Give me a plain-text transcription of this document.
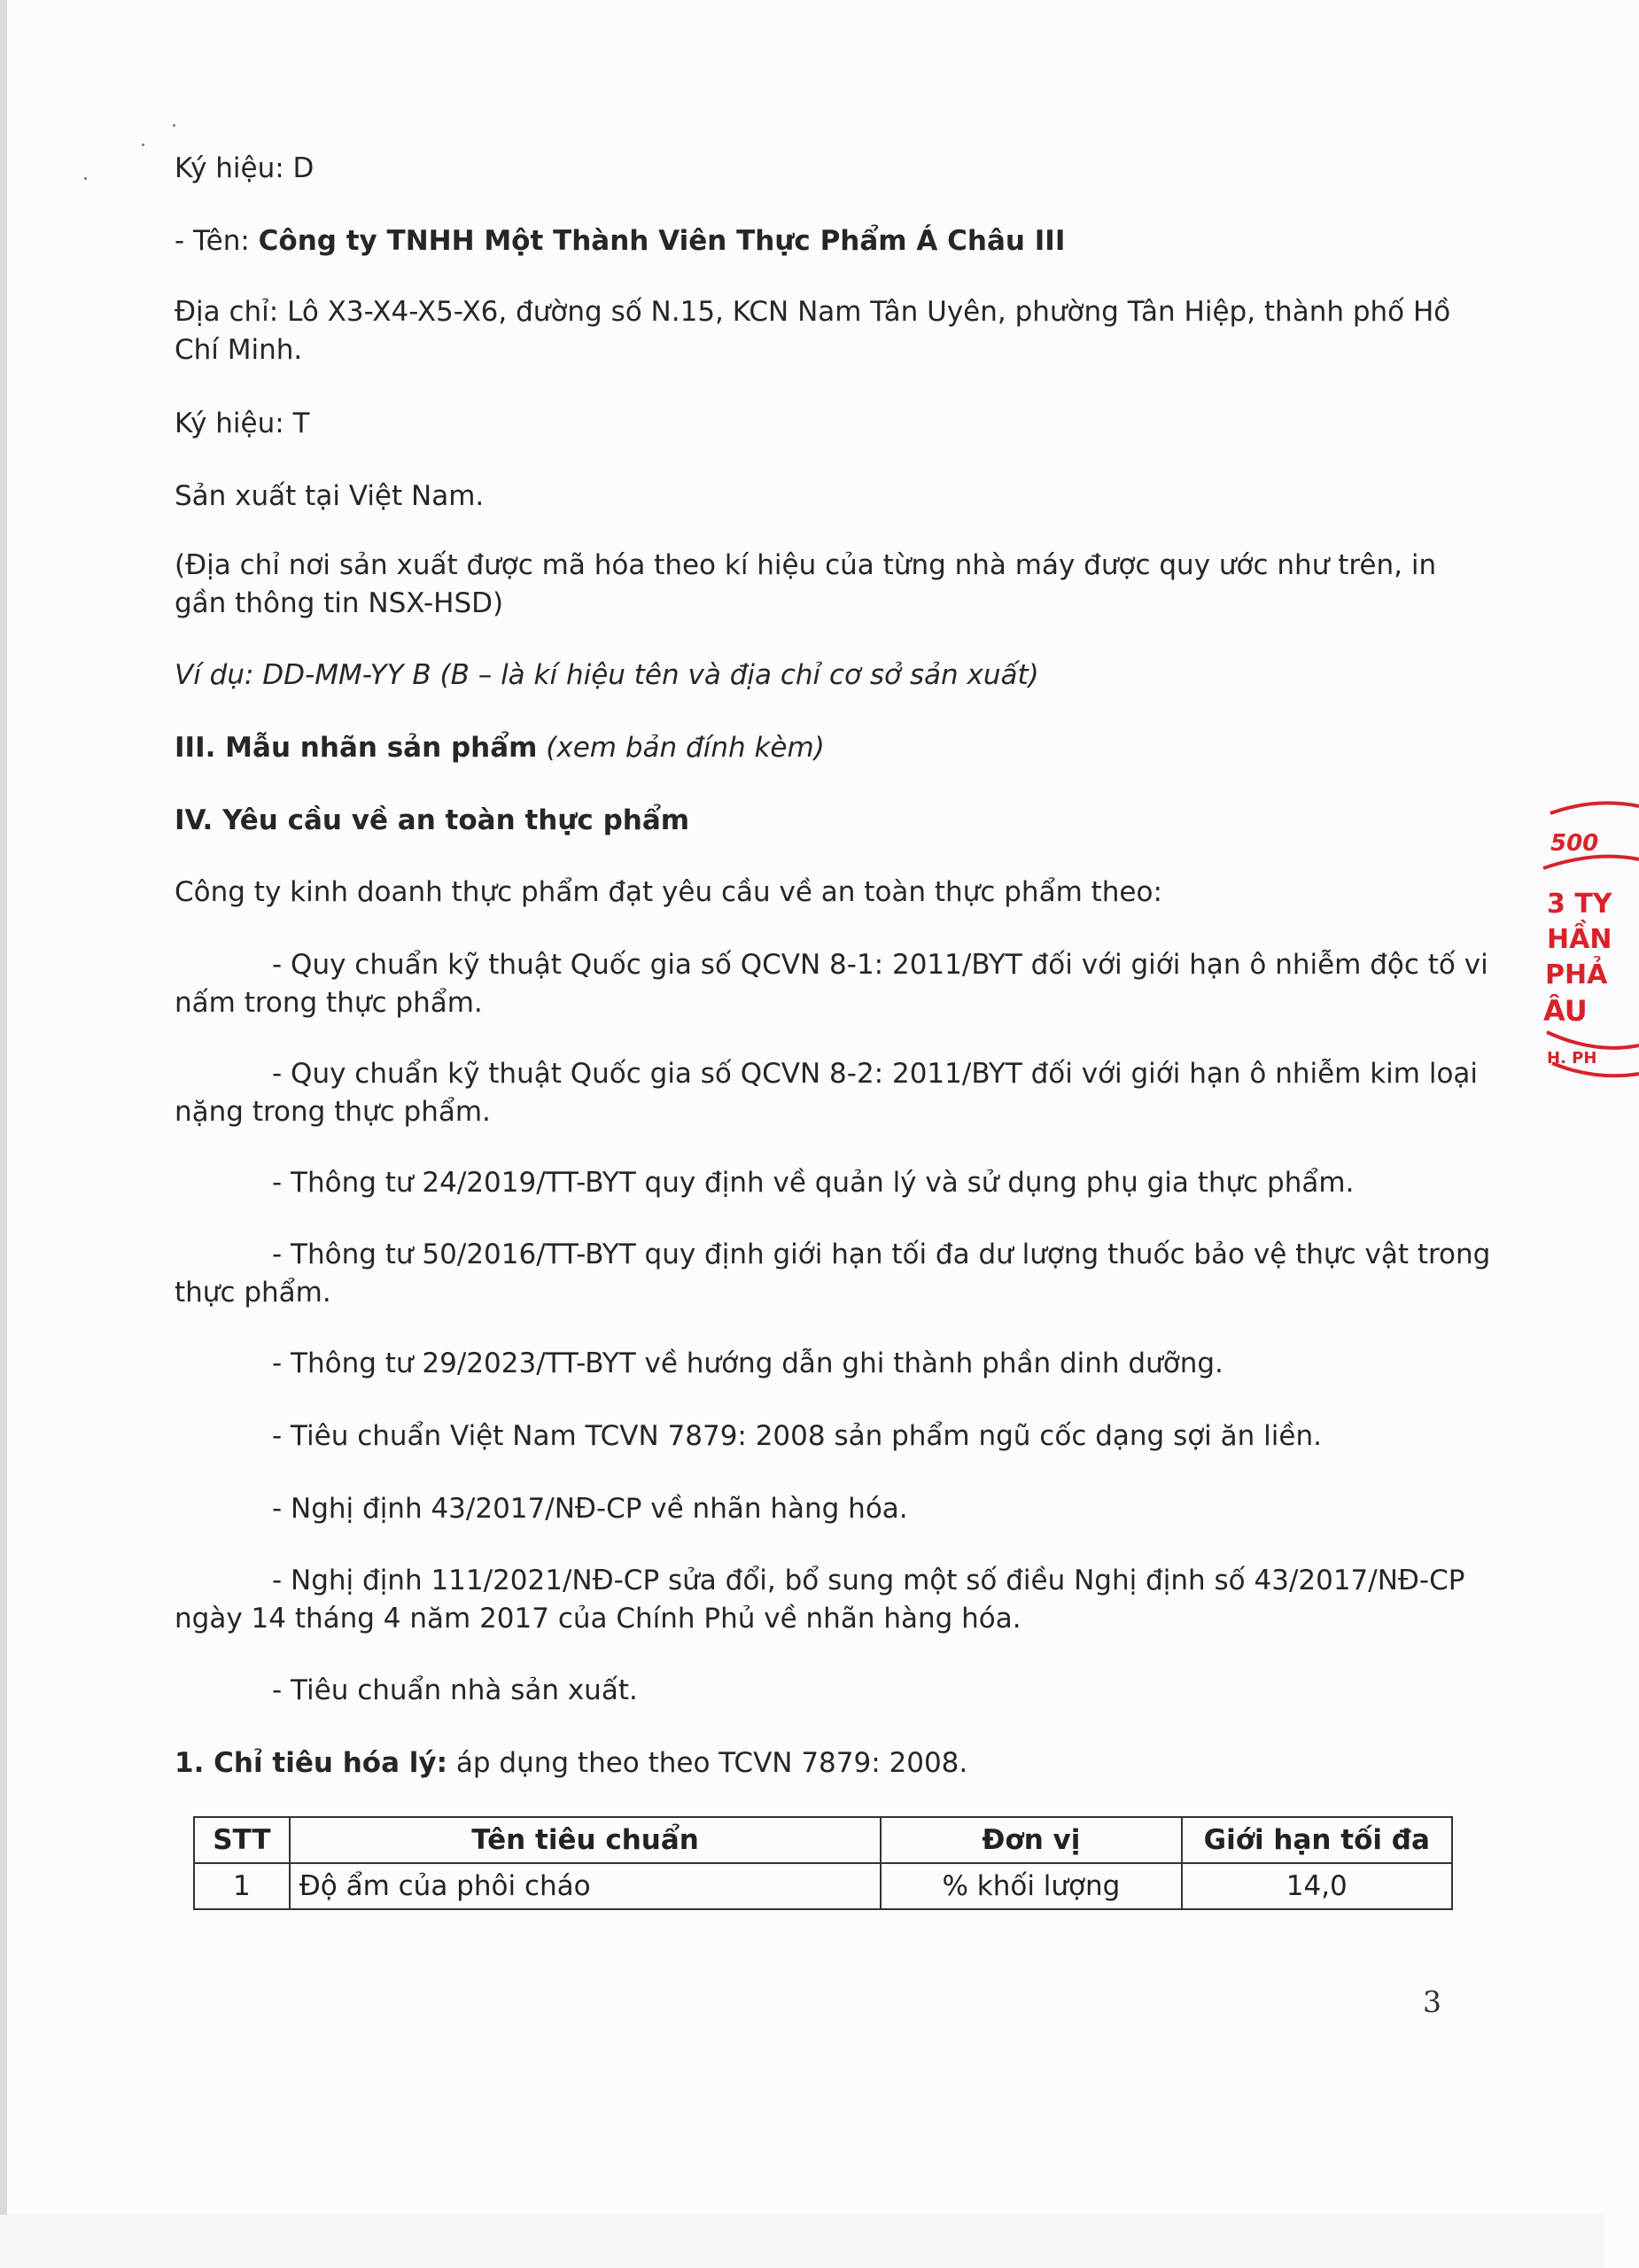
Ký hiệu: D
- Tên: Công ty TNHH Một Thành Viên Thực Phẩm Á Châu III
Địa chỉ: Lô X3-X4-X5-X6, đường số N.15, KCN Nam Tân Uyên, phường Tân Hiệp, thành phố Hồ
Chí Minh.
Ký hiệu: T
Sản xuất tại Việt Nam.
(Địa chỉ nơi sản xuất được mã hóa theo kí hiệu của từng nhà máy được quy ước như trên, in
gần thông tin NSX-HSD)
Ví dụ: DD-MM-YY B (B – là kí hiệu tên và địa chỉ cơ sở sản xuất)
III. Mẫu nhãn sản phẩm (xem bản đính kèm)
IV. Yêu cầu về an toàn thực phẩm
Công ty kinh doanh thực phẩm đạt yêu cầu về an toàn thực phẩm theo:
- Quy chuẩn kỹ thuật Quốc gia số QCVN 8-1: 2011/BYT đối với giới hạn ô nhiễm độc tố vi
nấm trong thực phẩm.
- Quy chuẩn kỹ thuật Quốc gia số QCVN 8-2: 2011/BYT đối với giới hạn ô nhiễm kim loại
nặng trong thực phẩm.
- Thông tư 24/2019/TT-BYT quy định về quản lý và sử dụng phụ gia thực phẩm.
- Thông tư 50/2016/TT-BYT quy định giới hạn tối đa dư lượng thuốc bảo vệ thực vật trong
thực phẩm.
- Thông tư 29/2023/TT-BYT về hướng dẫn ghi thành phần dinh dưỡng.
- Tiêu chuẩn Việt Nam TCVN 7879: 2008 sản phẩm ngũ cốc dạng sợi ăn liền.
- Nghị định 43/2017/NĐ-CP về nhãn hàng hóa.
- Nghị định 111/2021/NĐ-CP sửa đổi, bổ sung một số điều Nghị định số 43/2017/NĐ-CP
ngày 14 tháng 4 năm 2017 của Chính Phủ về nhãn hàng hóa.
- Tiêu chuẩn nhà sản xuất.
1. Chỉ tiêu hóa lý: áp dụng theo theo TCVN 7879: 2008.
STT	Tên tiêu chuẩn	Đơn vị	Giới hạn tối đa
1	Độ ẩm của phôi cháo	% khối lượng	14,0
3
500
3 TY
HẦN
PHẢ
ÂU
H. PH
